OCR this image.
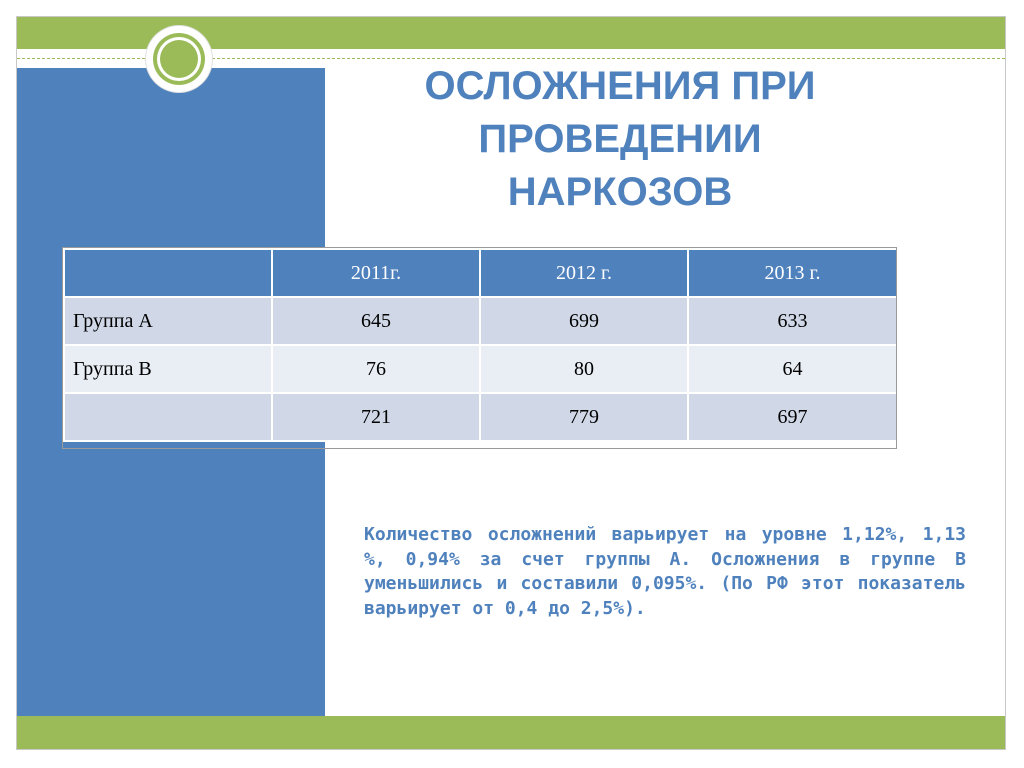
ОСЛОЖНЕНИЯ ПРИ
ПРОВЕДЕНИИ
НАРКОЗОВ
	2011г.	2012 г.	2013 г.
Группа А	645	699	633
Группа В	76	80	64
	721	779	697

Количество осложнений варьирует на уровне 1,12%, 1,13 %, 0,94% за счет группы А. Осложнения в группе В уменьшились и составили 0,095%. (По РФ этот показатель варьирует от 0,4 до 2,5%).
